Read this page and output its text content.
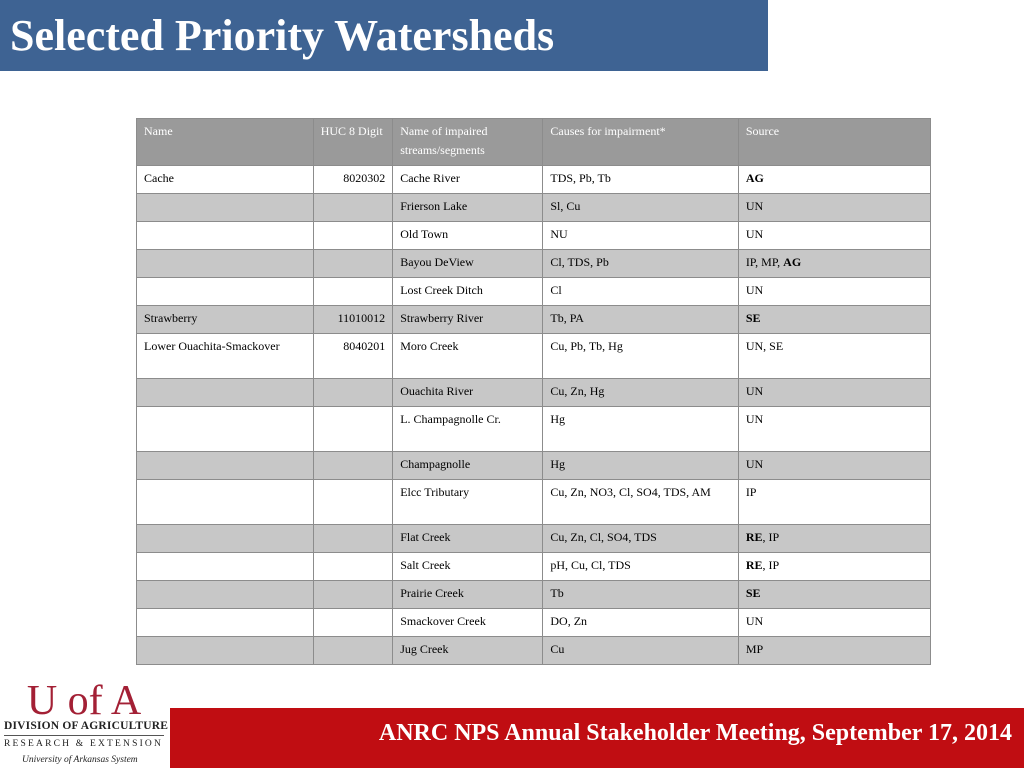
Selected Priority Watersheds
Name	HUC 8 Digit	Name of impaired streams/segments	Causes for impairment*	Source
Cache	8020302	Cache River	TDS, Pb, Tb	AG
		Frierson Lake	Sl, Cu	UN
		Old Town	NU	UN
		Bayou DeView	Cl, TDS, Pb	IP, MP, AG
		Lost Creek Ditch	Cl	UN
Strawberry	11010012	Strawberry River	Tb, PA	SE
Lower Ouachita-Smackover	8040201	Moro Creek	Cu, Pb, Tb, Hg	UN, SE
		Ouachita River	Cu, Zn, Hg	UN
		L. Champagnolle Cr.	Hg	UN
		Champagnolle	Hg	UN
		Elcc Tributary	Cu, Zn, NO3, Cl, SO4, TDS, AM	IP
		Flat Creek	Cu, Zn, Cl, SO4, TDS	RE, IP
		Salt Creek	pH, Cu, Cl, TDS	RE, IP
		Prairie Creek	Tb	SE
		Smackover Creek	DO, Zn	UN
		Jug Creek	Cu	MP
U of A
DIVISION OF AGRICULTURE
RESEARCH & EXTENSION
University of Arkansas System
ANRC NPS Annual Stakeholder Meeting, September 17, 2014
